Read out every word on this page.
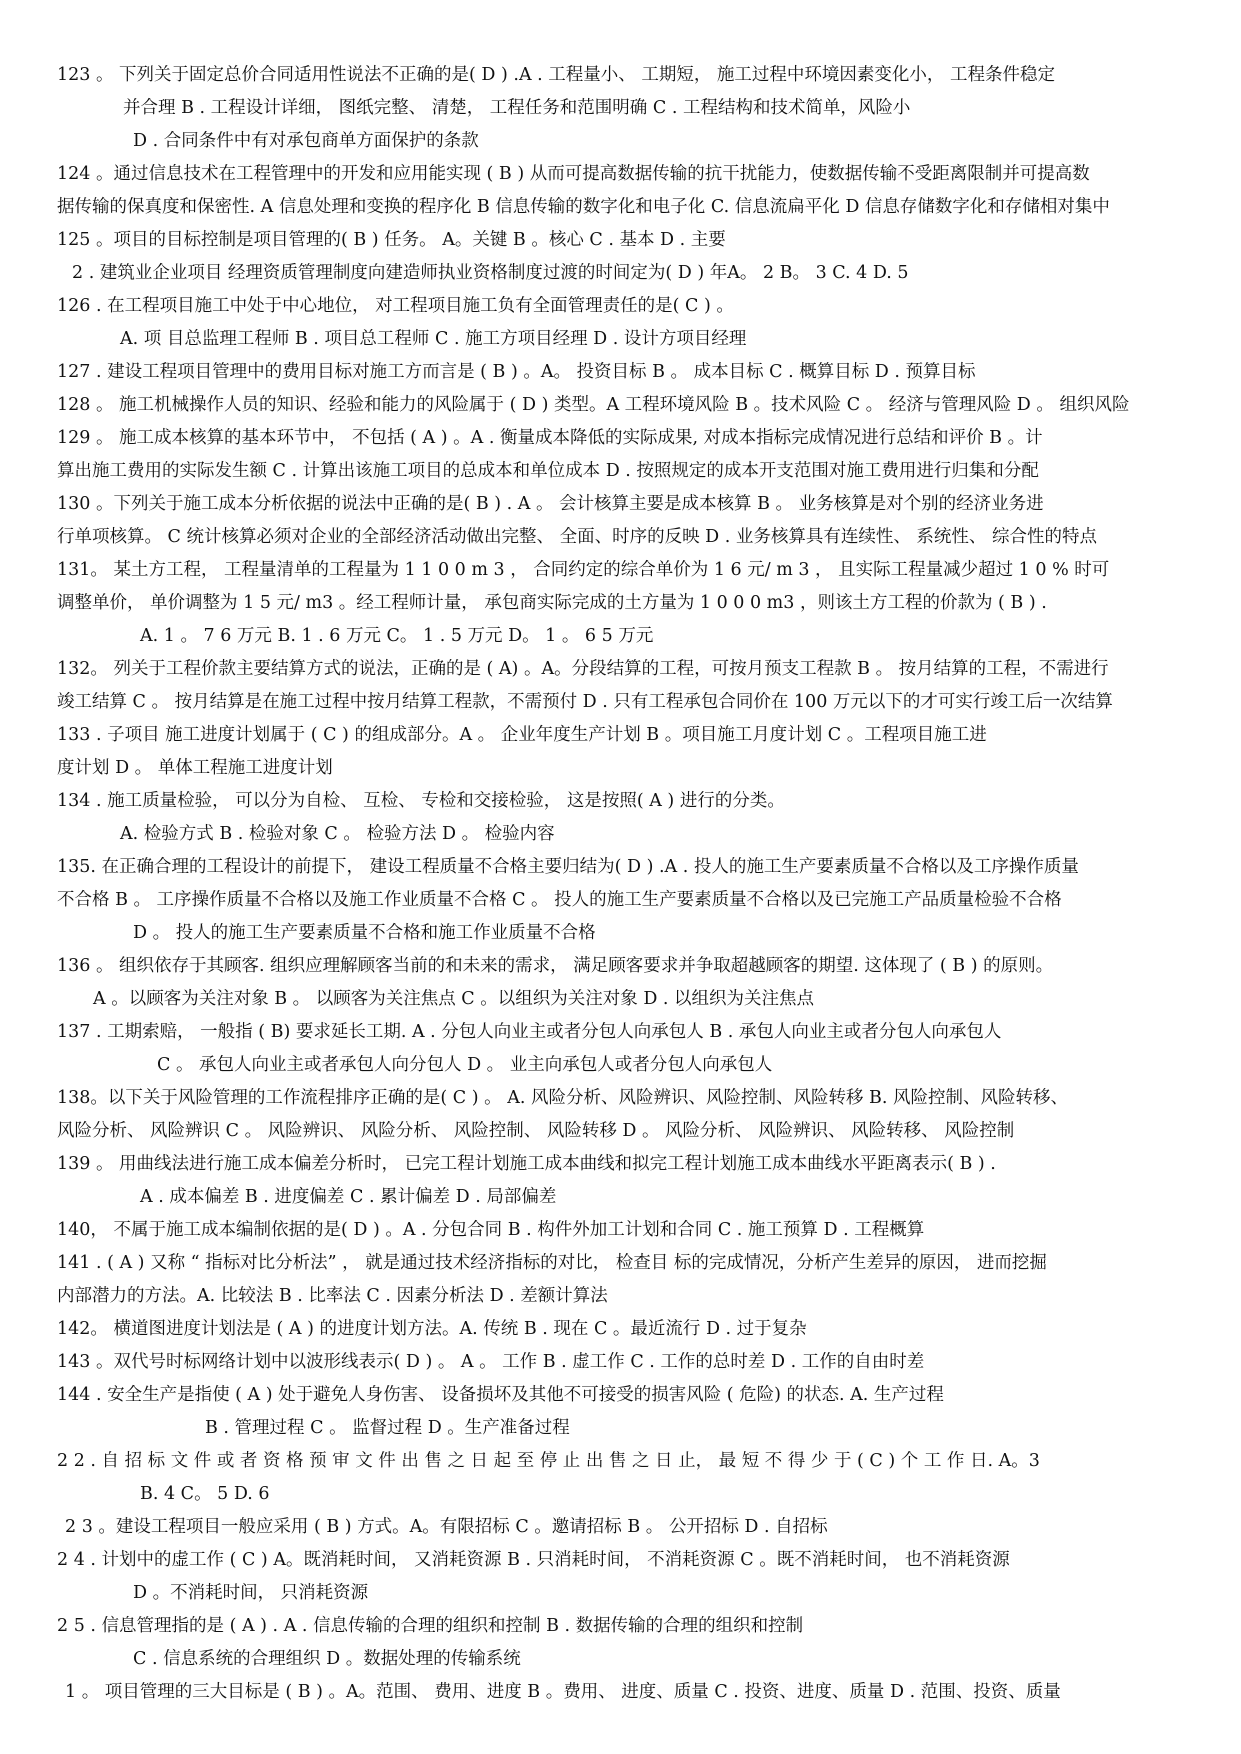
123 。 下列关于固定总价合同适用性说法不正确的是( D ) .A . 工程量小、 工期短， 施工过程中环境因素变化小， 工程条件稳定
并合理 B . 工程设计详细， 图纸完整、 清楚， 工程任务和范围明确 C . 工程结构和技术简单，风险小
D . 合同条件中有对承包商单方面保护的条款
124 。通过信息技术在工程管理中的开发和应用能实现 ( B ) 从而可提高数据传输的抗干扰能力，使数据传输不受距离限制并可提高数
据传输的保真度和保密性. A 信息处理和变换的程序化 B 信息传输的数字化和电子化 C. 信息流扁平化 D 信息存储数字化和存储相对集中
125 。项目的目标控制是项目管理的( B ) 任务。 A。关键 B 。核心 C . 基本 D . 主要
2 . 建筑业企业项目 经理资质管理制度向建造师执业资格制度过渡的时间定为( D ) 年A。 2 B。 3 C. 4 D. 5
126 . 在工程项目施工中处于中心地位， 对工程项目施工负有全面管理责任的是( C ) 。
A. 项 目总监理工程师 B . 项目总工程师 C . 施工方项目经理 D . 设计方项目经理
127 . 建设工程项目管理中的费用目标对施工方而言是 ( B ) 。A。 投资目标 B 。 成本目标 C . 概算目标 D . 预算目标
128 。 施工机械操作人员的知识、经验和能力的风险属于 ( D ) 类型。A 工程环境风险 B 。技术风险 C 。 经济与管理风险 D 。 组织风险
129 。 施工成本核算的基本环节中， 不包括 ( A ) 。A . 衡量成本降低的实际成果, 对成本指标完成情况进行总结和评价 B 。计
算出施工费用的实际发生额 C . 计算出该施工项目的总成本和单位成本 D . 按照规定的成本开支范围对施工费用进行归集和分配
130 。下列关于施工成本分析依据的说法中正确的是( B ) . A 。 会计核算主要是成本核算 B 。 业务核算是对个别的经济业务进
行单项核算。 C 统计核算必须对企业的全部经济活动做出完整、 全面、时序的反映 D . 业务核算具有连续性、 系统性、 综合性的特点
131。 某土方工程， 工程量清单的工程量为 1 1 0 0 m 3 ， 合同约定的综合单价为 1 6 元/ m 3 ， 且实际工程量减少超过 1 0 % 时可
调整单价， 单价调整为 1 5 元/ m3 。经工程师计量， 承包商实际完成的土方量为 1 0 0 0 m3 ，则该土方工程的价款为 ( B ) .
A. 1 。 7 6 万元 B. 1 . 6 万元 C。 1 . 5 万元 D。 1 。 6 5 万元
132。 列关于工程价款主要结算方式的说法，正确的是 ( A) 。A。分段结算的工程，可按月预支工程款 B 。 按月结算的工程，不需进行
竣工结算 C 。 按月结算是在施工过程中按月结算工程款，不需预付 D . 只有工程承包合同价在 100 万元以下的才可实行竣工后一次结算
133 . 子项目 施工进度计划属于 ( C ) 的组成部分。A 。 企业年度生产计划 B 。项目施工月度计划 C 。工程项目施工进
度计划 D 。 单体工程施工进度计划
134 . 施工质量检验， 可以分为自检、 互检、 专检和交接检验， 这是按照( A ) 进行的分类。
A. 检验方式 B . 检验对象 C 。 检验方法 D 。 检验内容
135. 在正确合理的工程设计的前提下， 建设工程质量不合格主要归结为( D ) .A . 投人的施工生产要素质量不合格以及工序操作质量
不合格 B 。 工序操作质量不合格以及施工作业质量不合格 C 。 投人的施工生产要素质量不合格以及已完施工产品质量检验不合格
D 。 投人的施工生产要素质量不合格和施工作业质量不合格
136 。 组织依存于其顾客. 组织应理解顾客当前的和未来的需求， 满足顾客要求并争取超越顾客的期望. 这体现了 ( B ) 的原则。
A 。以顾客为关注对象 B 。 以顾客为关注焦点 C 。以组织为关注对象 D . 以组织为关注焦点
137 . 工期索赔， 一般指 ( B) 要求延长工期. A . 分包人向业主或者分包人向承包人 B . 承包人向业主或者分包人向承包人
C 。 承包人向业主或者承包人向分包人 D 。 业主向承包人或者分包人向承包人
138。以下关于风险管理的工作流程排序正确的是( C ) 。 A. 风险分析、风险辨识、风险控制、风险转移 B. 风险控制、风险转移、
风险分析、 风险辨识 C 。 风险辨识、 风险分析、 风险控制、 风险转移 D 。 风险分析、 风险辨识、 风险转移、 风险控制
139 。 用曲线法进行施工成本偏差分析时， 已完工程计划施工成本曲线和拟完工程计划施工成本曲线水平距离表示( B ) .
A . 成本偏差 B . 进度偏差 C . 累计偏差 D . 局部偏差
140， 不属于施工成本编制依据的是( D ) 。A . 分包合同 B . 构件外加工计划和合同 C . 施工预算 D . 工程概算
141 . ( A ) 又称 “ 指标对比分析法” ， 就是通过技术经济指标的对比， 检查目 标的完成情况，分析产生差异的原因， 进而挖掘
内部潜力的方法。A. 比较法 B . 比率法 C . 因素分析法 D . 差额计算法
142。 横道图进度计划法是 ( A ) 的进度计划方法。A. 传统 B . 现在 C 。最近流行 D . 过于复杂
143 。双代号时标网络计划中以波形线表示( D ) 。 A 。 工作 B . 虚工作 C . 工作的总时差 D . 工作的自由时差
144 . 安全生产是指使 ( A ) 处于避免人身伤害、 设备损坏及其他不可接受的损害风险 ( 危险) 的状态. A. 生产过程
B . 管理过程 C 。 监督过程 D 。生产准备过程
2 2 . 自 招 标 文 件 或 者 资 格 预 审 文 件 出 售 之 日 起 至 停 止 出 售 之 日 止， 最 短 不 得 少 于 ( C ) 个 工 作 日. A。3
B. 4 C。 5 D. 6
2 3 。建设工程项目一般应采用 ( B ) 方式。A。有限招标 C 。邀请招标 B 。 公开招标 D . 自招标
2 4 . 计划中的虚工作 ( C ) A。既消耗时间， 又消耗资源 B . 只消耗时间， 不消耗资源 C 。既不消耗时间， 也不消耗资源
D 。不消耗时间， 只消耗资源
2 5 . 信息管理指的是 ( A ) . A . 信息传输的合理的组织和控制 B . 数据传输的合理的组织和控制
C . 信息系统的合理组织 D 。数据处理的传输系统
1 。 项目管理的三大目标是 ( B ) 。A。范围、 费用、进度 B 。费用、 进度、质量 C . 投资、进度、质量 D . 范围、投资、质量
